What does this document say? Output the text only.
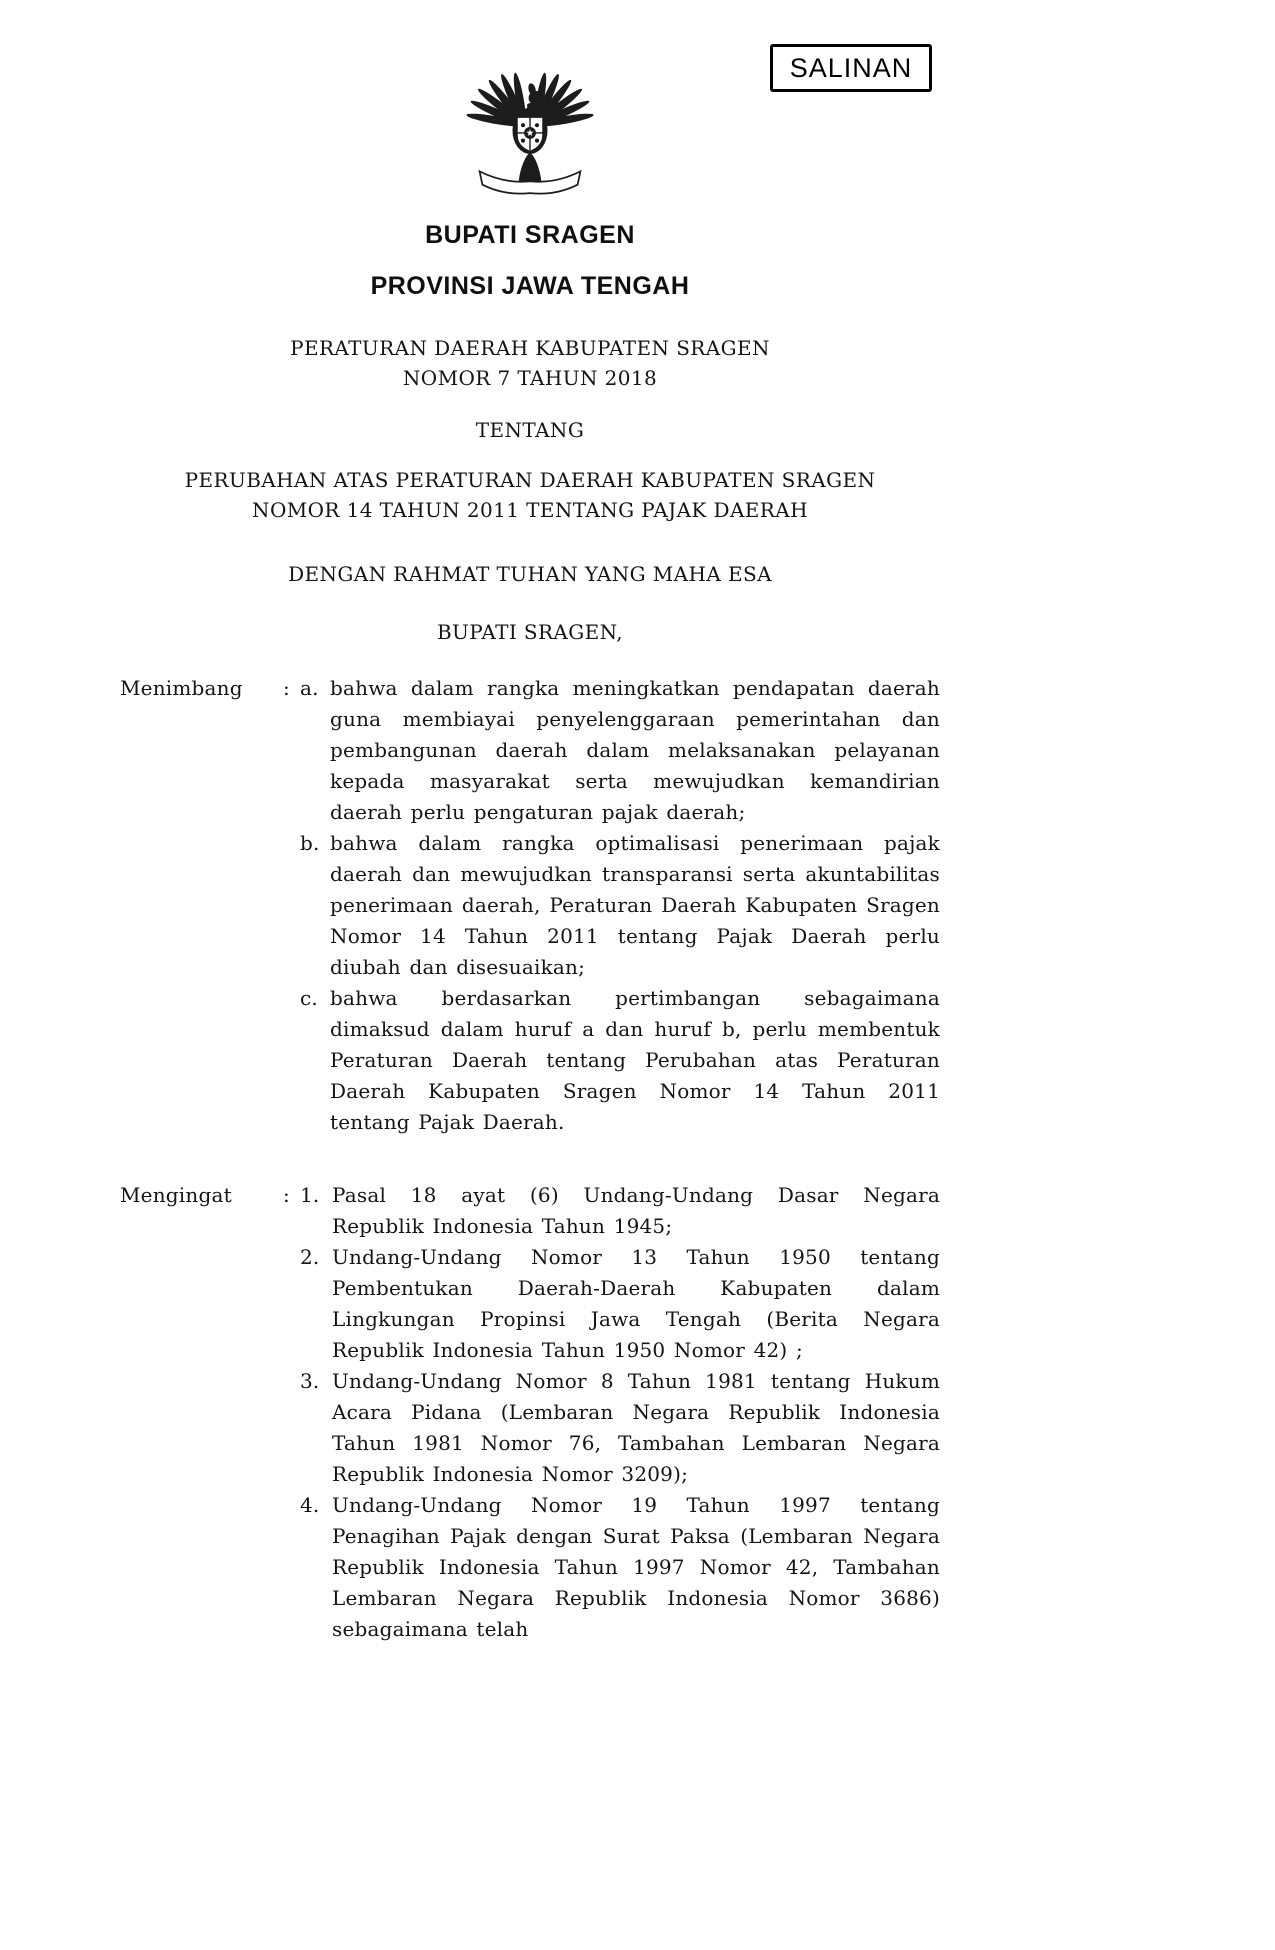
SALINAN
BUPATI SRAGEN
PROVINSI JAWA TENGAH
PERATURAN DAERAH KABUPATEN SRAGEN
NOMOR 7 TAHUN 2018
TENTANG
PERUBAHAN ATAS PERATURAN DAERAH KABUPATEN SRAGEN
NOMOR 14 TAHUN 2011 TENTANG PAJAK DAERAH
DENGAN RAHMAT TUHAN YANG MAHA ESA
BUPATI SRAGEN,
Menimbang	: a. bahwa dalam rangka meningkatkan pendapatan daerah guna membiayai penyelenggaraan pemerintahan dan pembangunan daerah dalam melaksanakan pelayanan kepada masyarakat serta mewujudkan kemandirian daerah perlu pengaturan pajak daerah;
b. bahwa dalam rangka optimalisasi penerimaan pajak daerah dan mewujudkan transparansi serta akuntabilitas penerimaan daerah, Peraturan Daerah Kabupaten Sragen Nomor 14 Tahun 2011 tentang Pajak Daerah perlu diubah dan disesuaikan;
c. bahwa berdasarkan pertimbangan sebagaimana dimaksud dalam huruf a dan huruf b, perlu membentuk Peraturan Daerah tentang Perubahan atas Peraturan Daerah Kabupaten Sragen Nomor 14 Tahun 2011 tentang Pajak Daerah.
Mengingat	: 1. Pasal 18 ayat (6) Undang-Undang Dasar Negara Republik Indonesia Tahun 1945;
2. Undang-Undang Nomor 13 Tahun 1950 tentang Pembentukan Daerah-Daerah Kabupaten dalam Lingkungan Propinsi Jawa Tengah (Berita Negara Republik Indonesia Tahun 1950 Nomor 42) ;
3. Undang-Undang Nomor 8 Tahun 1981 tentang Hukum Acara Pidana (Lembaran Negara Republik Indonesia Tahun 1981 Nomor 76, Tambahan Lembaran Negara Republik Indonesia Nomor 3209);
4. Undang-Undang Nomor 19 Tahun 1997 tentang Penagihan Pajak dengan Surat Paksa (Lembaran Negara Republik Indonesia Tahun 1997 Nomor 42, Tambahan Lembaran Negara Republik Indonesia Nomor 3686) sebagaimana telah
